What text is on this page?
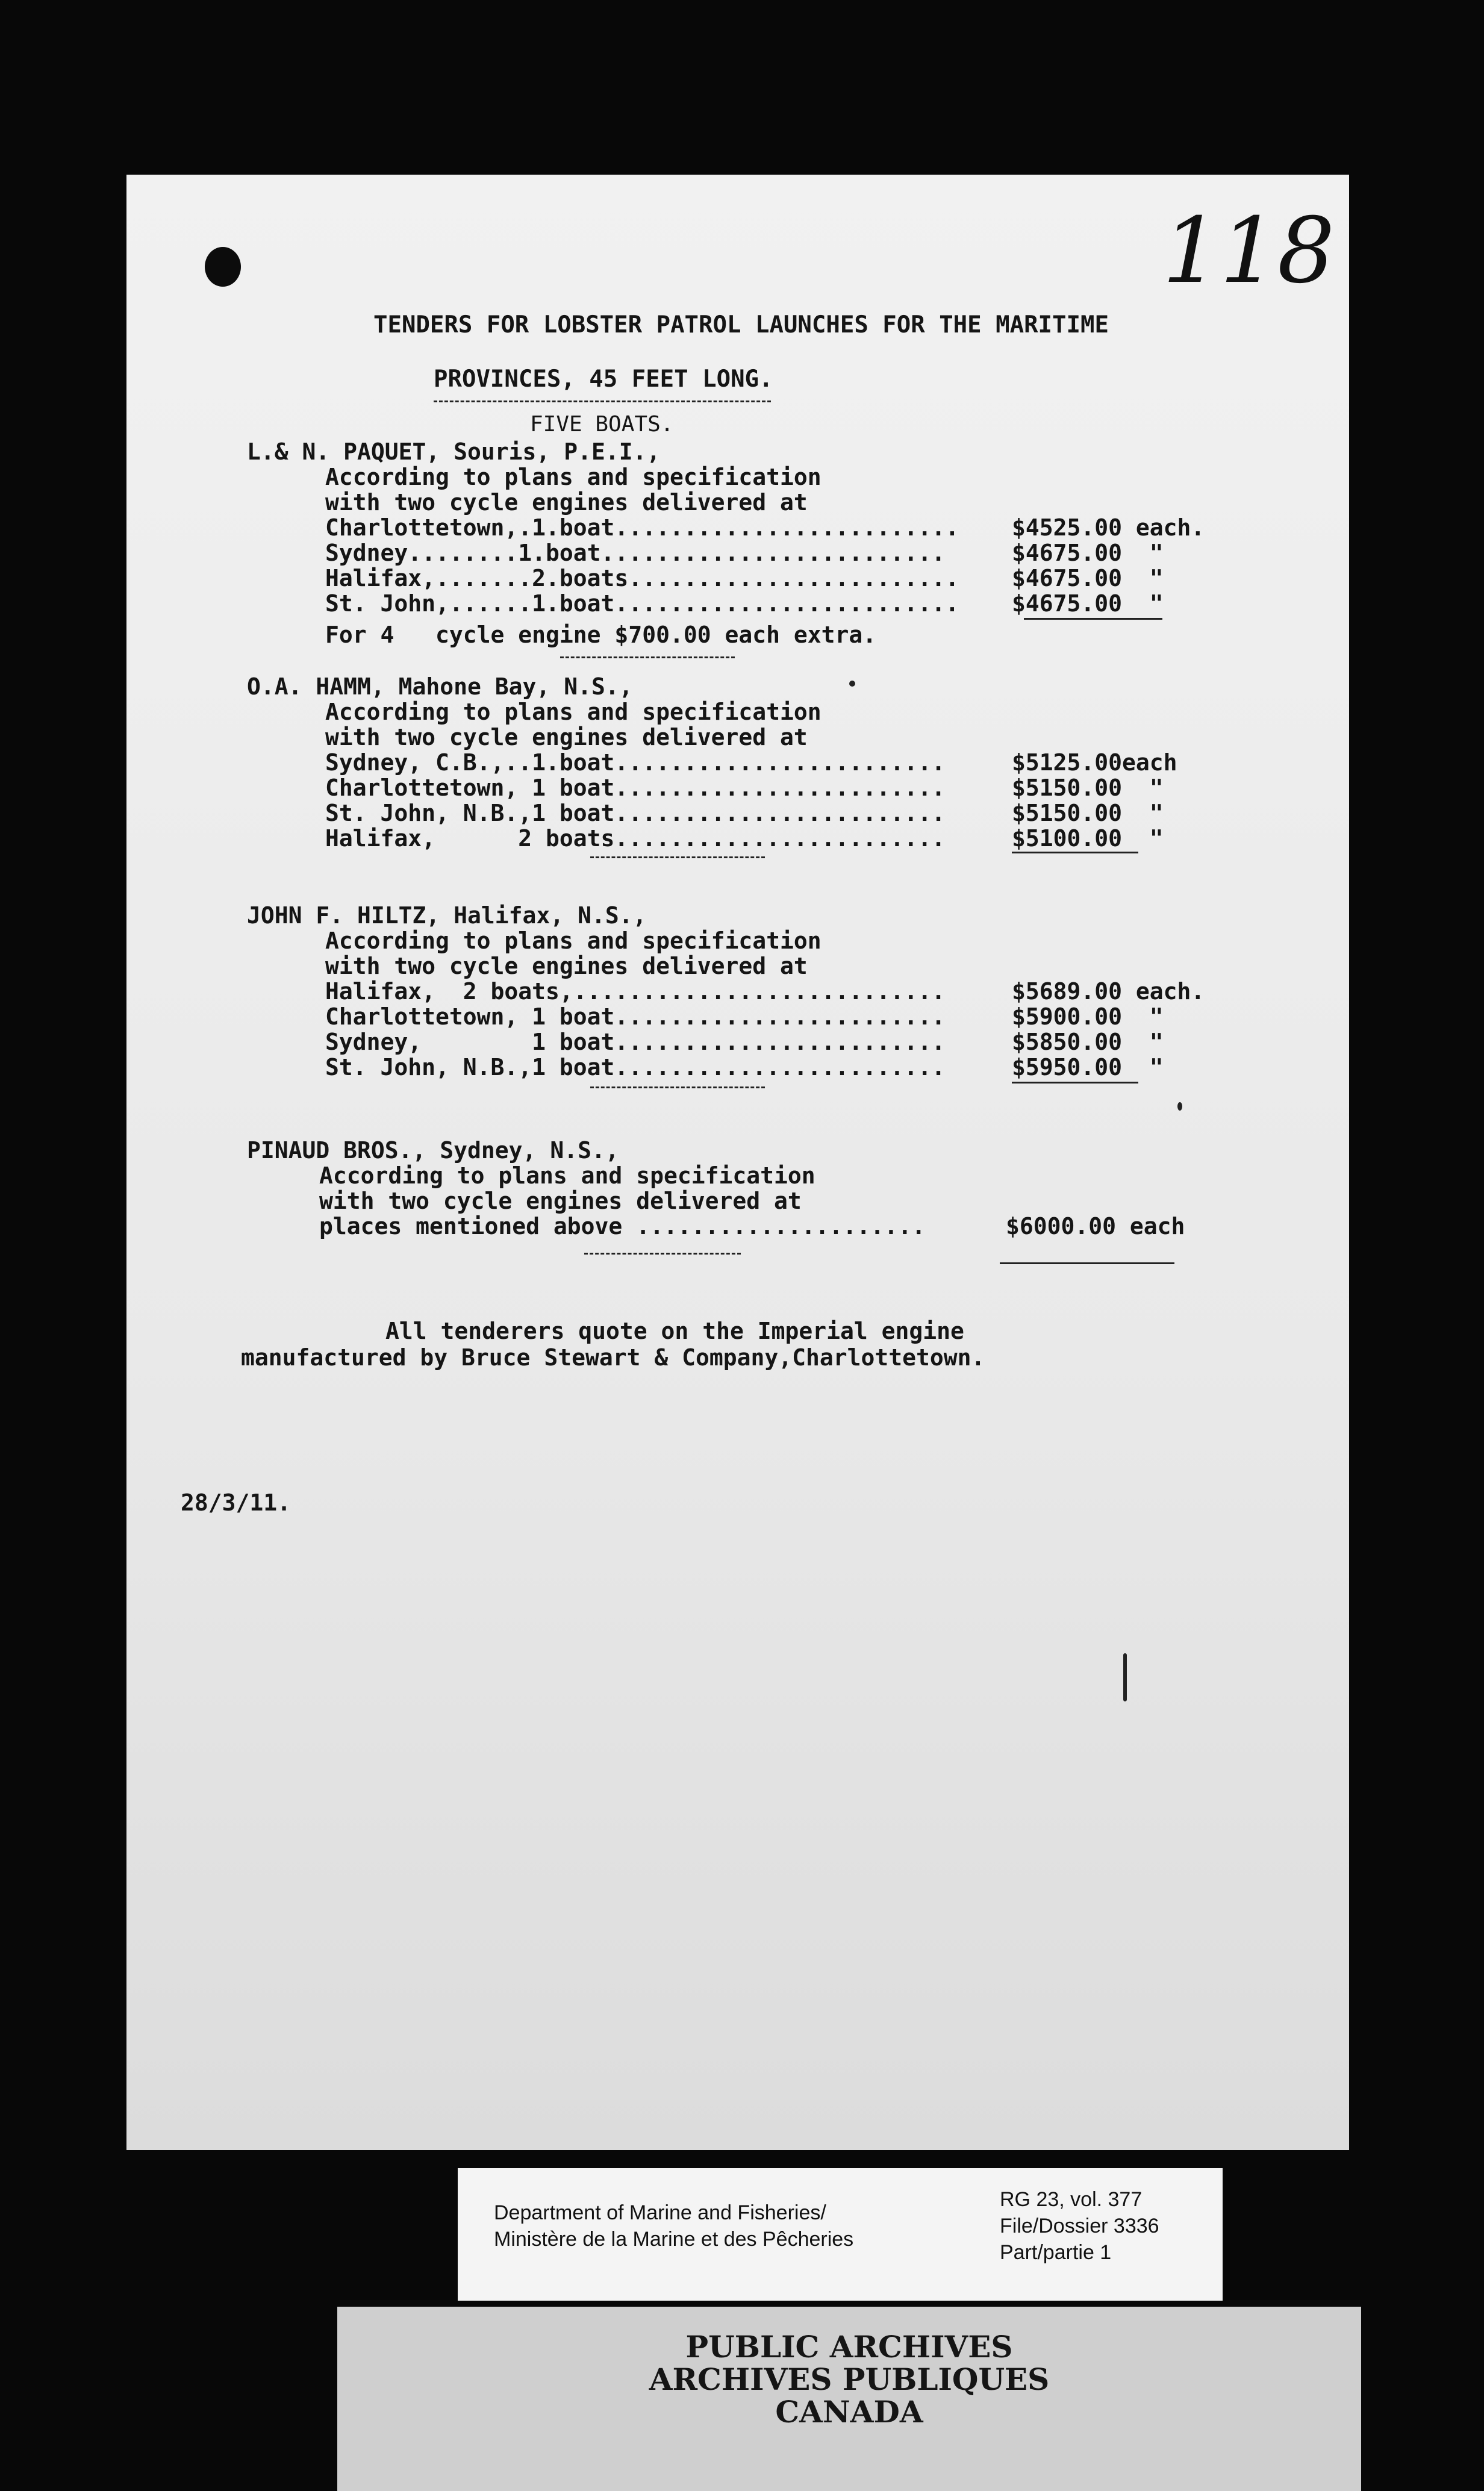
118
TENDERS FOR LOBSTER PATROL LAUNCHES FOR THE MARITIME
PROVINCES, 45 FEET LONG.
FIVE BOATS.
L.& N. PAQUET, Souris, P.E.I.,
According to plans and specification
with two cycle engines delivered at
Charlottetown,.1.boat......................... $4525.00 each.
Sydney........1.boat.........................	$4675.00  "
Halifax,.......2.boats........................ $4675.00  "
St. John,......1.boat......................... $4675.00  "
For 4   cycle engine $700.00 each extra.
O.A. HAMM, Mahone Bay, N.S.,
According to plans and specification
with two cycle engines delivered at
Sydney, C.B.,..1.boat........................	$5125.00each
Charlottetown, 1 boat........................	$5150.00  "
St. John, N.B.,1 boat........................	$5150.00  "
Halifax,      2 boats........................	$5100.00  "
JOHN F. HILTZ, Halifax, N.S.,
According to plans and specification
with two cycle engines delivered at
Halifax,  2 boats,...........................	$5689.00 each.
Charlottetown, 1 boat........................	$5900.00  "
Sydney,        1 boat........................	$5850.00  "
St. John, N.B.,1 boat........................	$5950.00  "
PINAUD BROS., Sydney, N.S.,
According to plans and specification
with two cycle engines delivered at
places mentioned above .....................	$6000.00 each
All tenderers quote on the Imperial engine
manufactured by Bruce Stewart & Company,Charlottetown.
28/3/11.
Department of Marine and Fisheries/
Ministère de la Marine et des Pêcheries
RG 23, vol. 377
File/Dossier 3336
Part/partie 1
PUBLIC ARCHIVES
ARCHIVES PUBLIQUES
CANADA
